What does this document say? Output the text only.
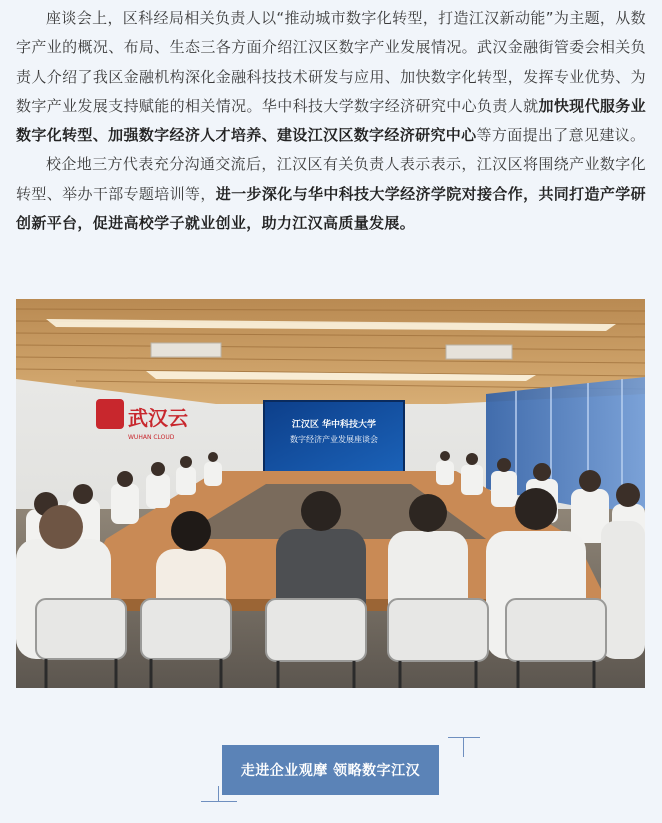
座谈会上，区科经局相关负责人以“推动城市数字化转型，打造江汉新动能”为主题，从数字产业的概况、布局、生态三各方面介绍江汉区数字产业发展情况。武汉金融街管委会相关负责人介绍了我区金融机构深化金融科技技术研发与应用、加快数字化转型，发挥专业优势、为数字产业发展支持赋能的相关情况。华中科技大学数字经济研究中心负责人就加快现代服务业数字化转型、加强数字经济人才培养、建设江汉区数字经济研究中心等方面提出了意见建议。

校企地三方代表充分沟通交流后，江汉区有关负责人表示表示，江汉区将围绕产业数字化转型、举办干部专题培训等，进一步深化与华中科技大学经济学院对接合作，共同打造产学研创新平台，促进高校学子就业创业，助力江汉高质量发展。

武汉云
WUHAN CLOUD
江汉区 华中科技大学
数字经济产业发展座谈会
走进企业观摩 领略数字江汉
